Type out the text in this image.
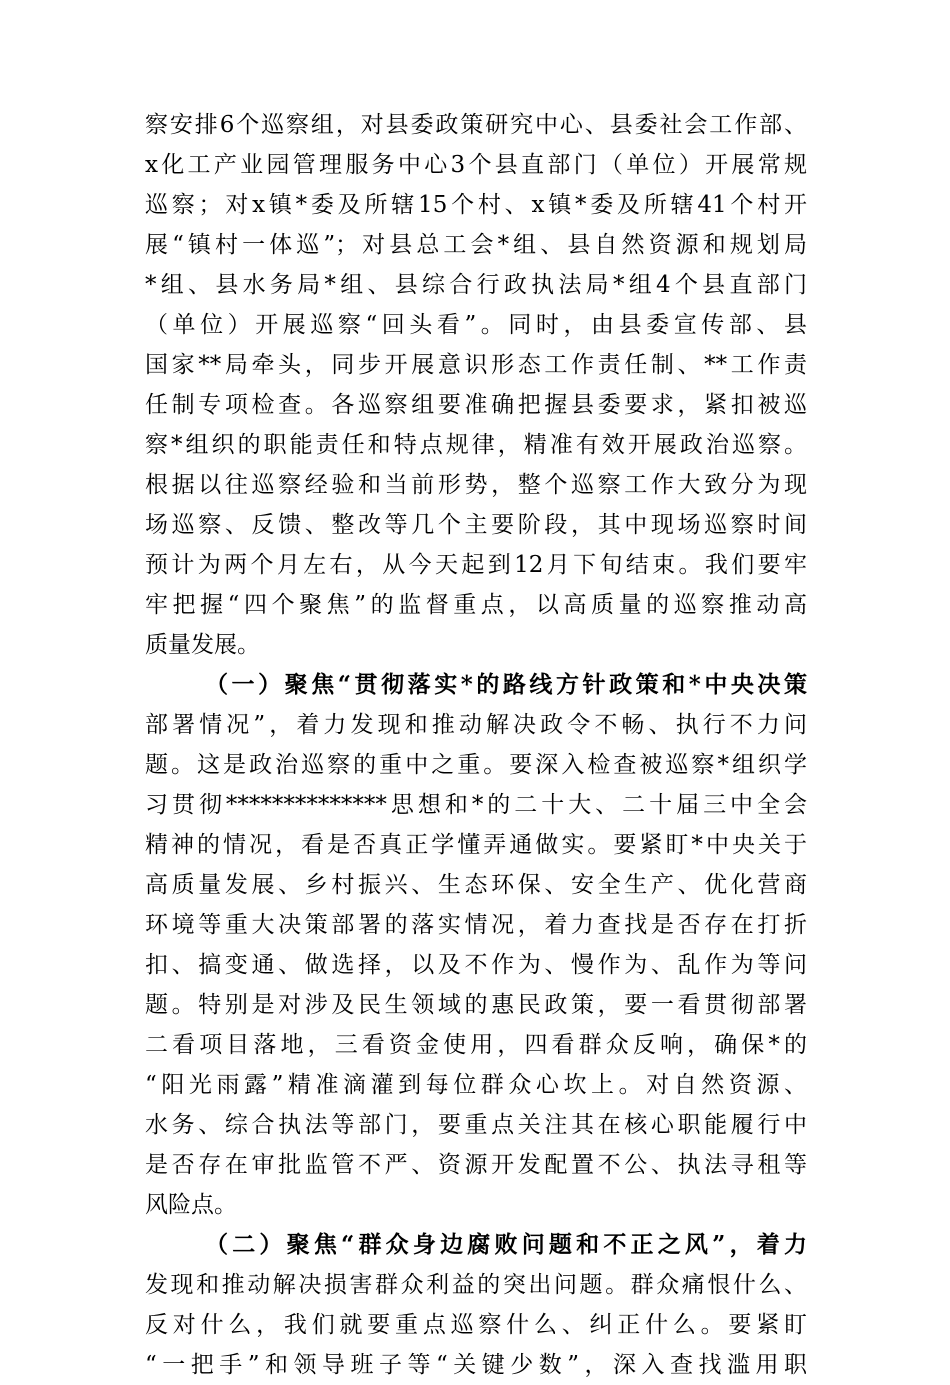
察安排6个巡察组，对县委政策研究中心、县委社会工作部、
x化工产业园管理服务中心3个县直部门（单位）开展常规
巡察；对x镇*委及所辖15个村、x镇*委及所辖41个村开
展“镇村一体巡”；对县总工会*组、县自然资源和规划局
*组、县水务局*组、县综合行政执法局*组4个县直部门
（单位）开展巡察“回头看”。同时，由县委宣传部、县
国家**局牵头，同步开展意识形态工作责任制、**工作责
任制专项检查。各巡察组要准确把握县委要求，紧扣被巡
察*组织的职能责任和特点规律，精准有效开展政治巡察。
根据以往巡察经验和当前形势，整个巡察工作大致分为现
场巡察、反馈、整改等几个主要阶段，其中现场巡察时间
预计为两个月左右，从今天起到12月下旬结束。我们要牢
牢把握“四个聚焦”的监督重点，以高质量的巡察推动高
质量发展。
（一）聚焦“贯彻落实*的路线方针政策和*中央决策
部署情况”，着力发现和推动解决政令不畅、执行不力问
题。这是政治巡察的重中之重。要深入检查被巡察*组织学
习贯彻**************思想和*的二十大、二十届三中全会
精神的情况，看是否真正学懂弄通做实。要紧盯*中央关于
高质量发展、乡村振兴、生态环保、安全生产、优化营商
环境等重大决策部署的落实情况，着力查找是否存在打折
扣、搞变通、做选择，以及不作为、慢作为、乱作为等问
题。特别是对涉及民生领域的惠民政策，要一看贯彻部署
二看项目落地，三看资金使用，四看群众反响，确保*的
“阳光雨露”精准滴灌到每位群众心坎上。对自然资源、
水务、综合执法等部门，要重点关注其在核心职能履行中
是否存在审批监管不严、资源开发配置不公、执法寻租等
风险点。
（二）聚焦“群众身边腐败问题和不正之风”，着力
发现和推动解决损害群众利益的突出问题。群众痛恨什么、
反对什么，我们就要重点巡察什么、纠正什么。要紧盯
“一把手”和领导班子等“关键少数”，深入查找滥用职
